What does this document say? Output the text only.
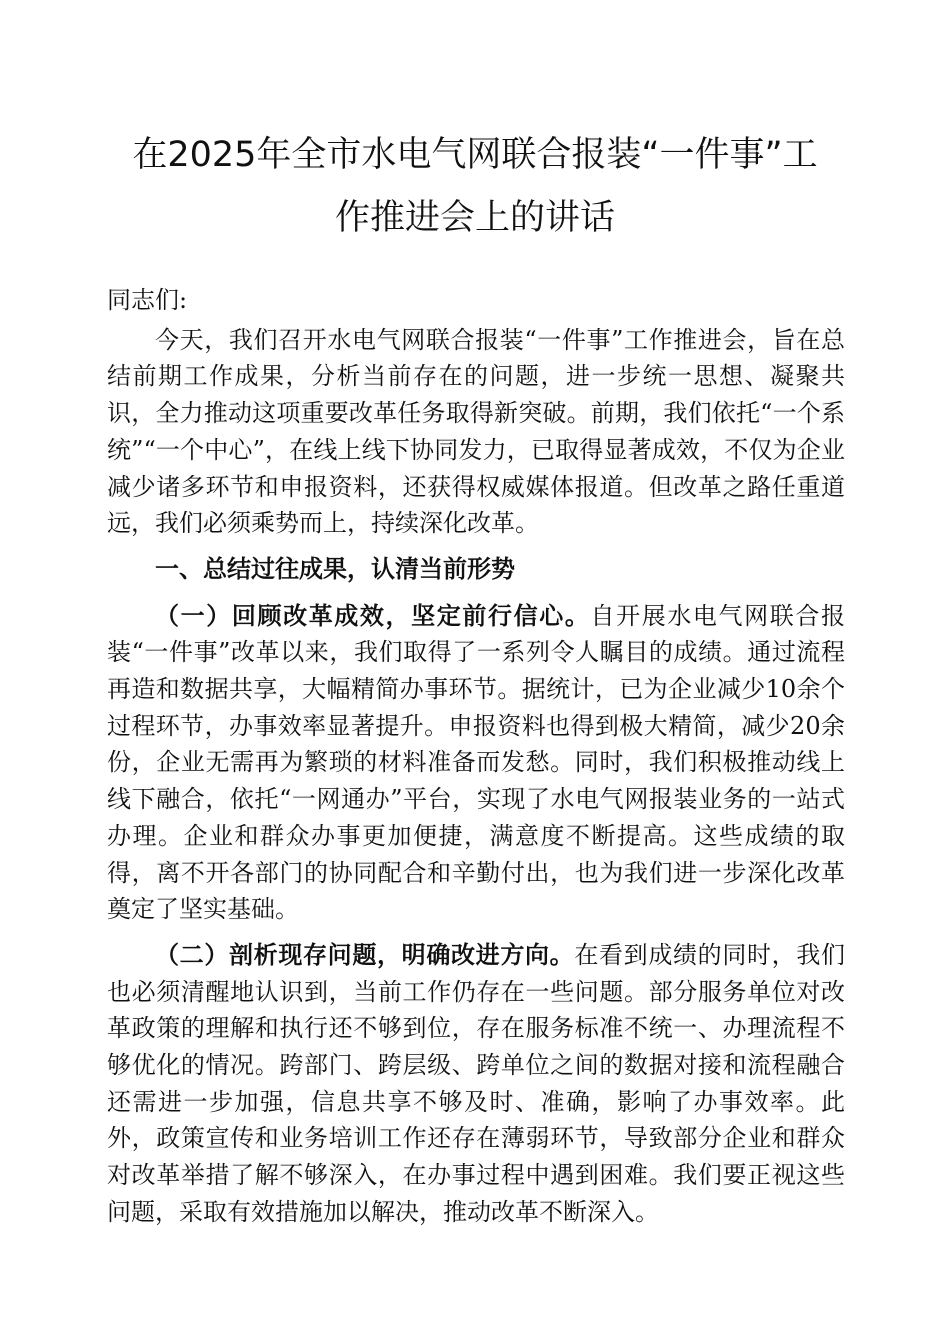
在2025年全市水电气网联合报装“一件事”工
作推进会上的讲话

同志们:

今天，我们召开水电气网联合报装“一件事”工作推进会，旨在总结前期工作成果，分析当前存在的问题，进一步统一思想、凝聚共识，全力推动这项重要改革任务取得新突破。前期，我们依托“一个系统”“一个中心”，在线上线下协同发力，已取得显著成效，不仅为企业减少诸多环节和申报资料，还获得权威媒体报道。但改革之路任重道远，我们必须乘势而上，持续深化改革。

一、总结过往成果，认清当前形势

（一）回顾改革成效，坚定前行信心。自开展水电气网联合报装“一件事”改革以来，我们取得了一系列令人瞩目的成绩。通过流程再造和数据共享，大幅精简办事环节。据统计，已为企业减少10余个过程环节，办事效率显著提升。申报资料也得到极大精简，减少20余份，企业无需再为繁琐的材料准备而发愁。同时，我们积极推动线上线下融合，依托“一网通办”平台，实现了水电气网报装业务的一站式办理。企业和群众办事更加便捷，满意度不断提高。这些成绩的取得，离不开各部门的协同配合和辛勤付出，也为我们进一步深化改革奠定了坚实基础。

（二）剖析现存问题，明确改进方向。在看到成绩的同时，我们也必须清醒地认识到，当前工作仍存在一些问题。部分服务单位对改革政策的理解和执行还不够到位，存在服务标准不统一、办理流程不够优化的情况。跨部门、跨层级、跨单位之间的数据对接和流程融合还需进一步加强，信息共享不够及时、准确，影响了办事效率。此外，政策宣传和业务培训工作还存在薄弱环节，导致部分企业和群众对改革举措了解不够深入，在办事过程中遇到困难。我们要正视这些问题，采取有效措施加以解决，推动改革不断深入。
